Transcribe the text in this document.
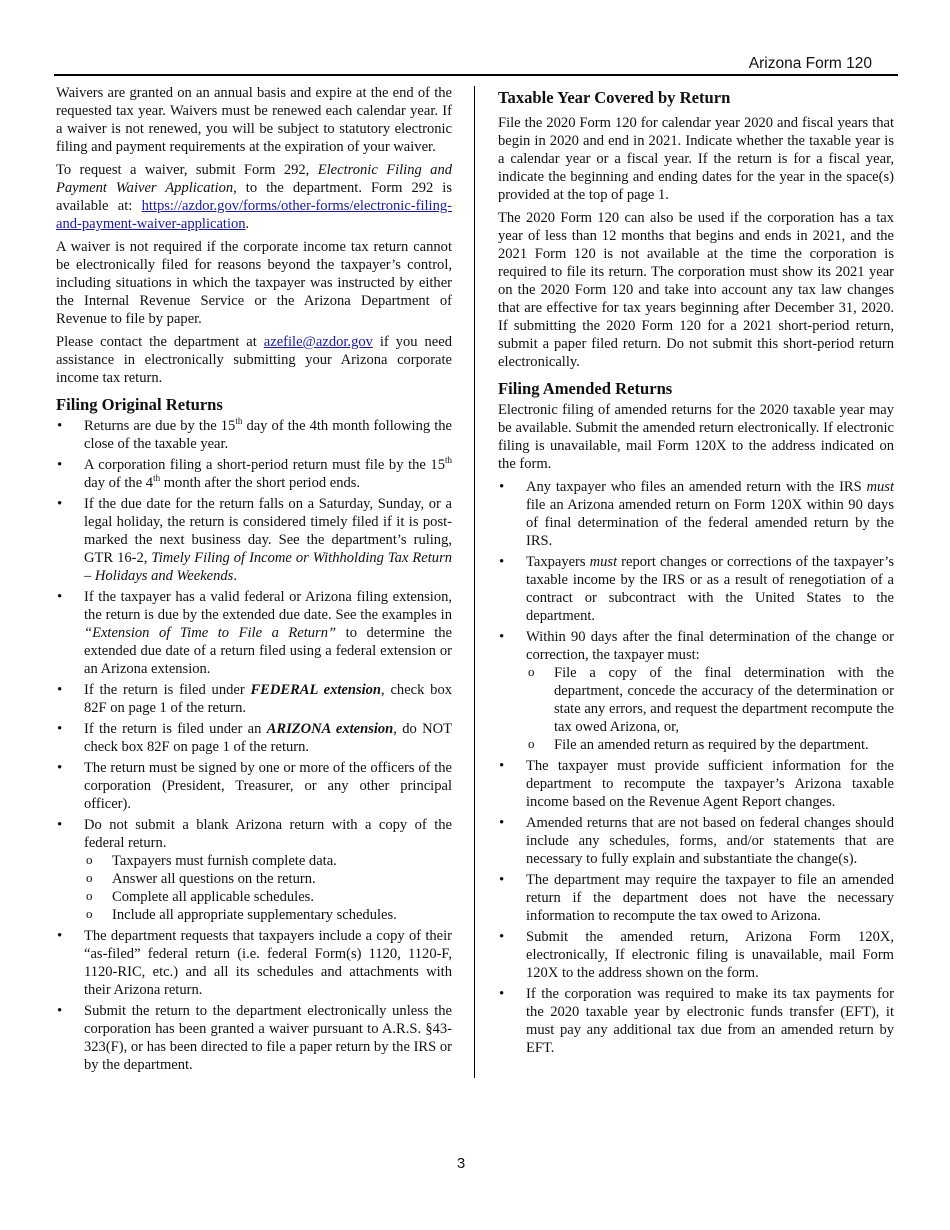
Arizona Form 120

Waivers are granted on an annual basis and expire at the end of the requested tax year. Waivers must be renewed each calendar year. If a waiver is not renewed, you will be subject to statutory electronic filing and payment requirements at the expiration of your waiver.

To request a waiver, submit Form 292, Electronic Filing and Payment Waiver Application, to the department. Form 292 is available at: https://azdor.gov/forms/other-forms/electronic-filing-and-payment-waiver-application.

A waiver is not required if the corporate income tax return cannot be electronically filed for reasons beyond the taxpayer’s control, including situations in which the taxpayer was instructed by either the Internal Revenue Service or the Arizona Department of Revenue to file by paper.

Please contact the department at azefile@azdor.gov if you need assistance in electronically submitting your Arizona corporate income tax return.

Filing Original Returns
• Returns are due by the 15th day of the 4th month following the close of the taxable year.
• A corporation filing a short-period return must file by the 15th day of the 4th month after the short period ends.
• If the due date for the return falls on a Saturday, Sunday, or a legal holiday, the return is considered timely filed if it is post-marked the next business day. See the department’s ruling, GTR 16-2, Timely Filing of Income or Withholding Tax Return – Holidays and Weekends.
• If the taxpayer has a valid federal or Arizona filing extension, the return is due by the extended due date. See the examples in “Extension of Time to File a Return” to determine the extended due date of a return filed using a federal extension or an Arizona extension.
• If the return is filed under FEDERAL extension, check box 82F on page 1 of the return.
• If the return is filed under an ARIZONA extension, do NOT check box 82F on page 1 of the return.
• The return must be signed by one or more of the officers of the corporation (President, Treasurer, or any other principal officer).
• Do not submit a blank Arizona return with a copy of the federal return.
o Taxpayers must furnish complete data.
o Answer all questions on the return.
o Complete all applicable schedules.
o Include all appropriate supplementary schedules.
• The department requests that taxpayers include a copy of their “as-filed” federal return (i.e. federal Form(s) 1120, 1120-F, 1120-RIC, etc.) and all its schedules and attachments with their Arizona return.
• Submit the return to the department electronically unless the corporation has been granted a waiver pursuant to A.R.S. §43-323(F), or has been directed to file a paper return by the IRS or by the department.
Taxable Year Covered by Return

File the 2020 Form 120 for calendar year 2020 and fiscal years that begin in 2020 and end in 2021. Indicate whether the taxable year is a calendar year or a fiscal year. If the return is for a fiscal year, indicate the beginning and ending dates for the year in the space(s) provided at the top of page 1.

The 2020 Form 120 can also be used if the corporation has a tax year of less than 12 months that begins and ends in 2021, and the 2021 Form 120 is not available at the time the corporation is required to file its return. The corporation must show its 2021 year on the 2020 Form 120 and take into account any tax law changes that are effective for tax years beginning after December 31, 2020. If submitting the 2020 Form 120 for a 2021 short-period return, submit a paper filed return. Do not submit this short-period return electronically.

Filing Amended Returns

Electronic filing of amended returns for the 2020 taxable year may be available. Submit the amended return electronically. If electronic filing is unavailable, mail Form 120X to the address indicated on the form.

• Any taxpayer who files an amended return with the IRS must file an Arizona amended return on Form 120X within 90 days of final determination of the federal amended return by the IRS.
• Taxpayers must report changes or corrections of the taxpayer’s taxable income by the IRS or as a result of renegotiation of a contract or subcontract with the United States to the department.
• Within 90 days after the final determination of the change or correction, the taxpayer must:
o File a copy of the final determination with the department, concede the accuracy of the determination or state any errors, and request the department recompute the tax owed Arizona, or,
o File an amended return as required by the department.
• The taxpayer must provide sufficient information for the department to recompute the taxpayer’s Arizona taxable income based on the Revenue Agent Report changes.
• Amended returns that are not based on federal changes should include any schedules, forms, and/or statements that are necessary to fully explain and substantiate the change(s).
• The department may require the taxpayer to file an amended return if the department does not have the necessary information to recompute the tax owed to Arizona.
• Submit the amended return, Arizona Form 120X, electronically, If electronic filing is unavailable, mail Form 120X to the address shown on the form.
• If the corporation was required to make its tax payments for the 2020 taxable year by electronic funds transfer (EFT), it must pay any additional tax due from an amended return by EFT.
3
